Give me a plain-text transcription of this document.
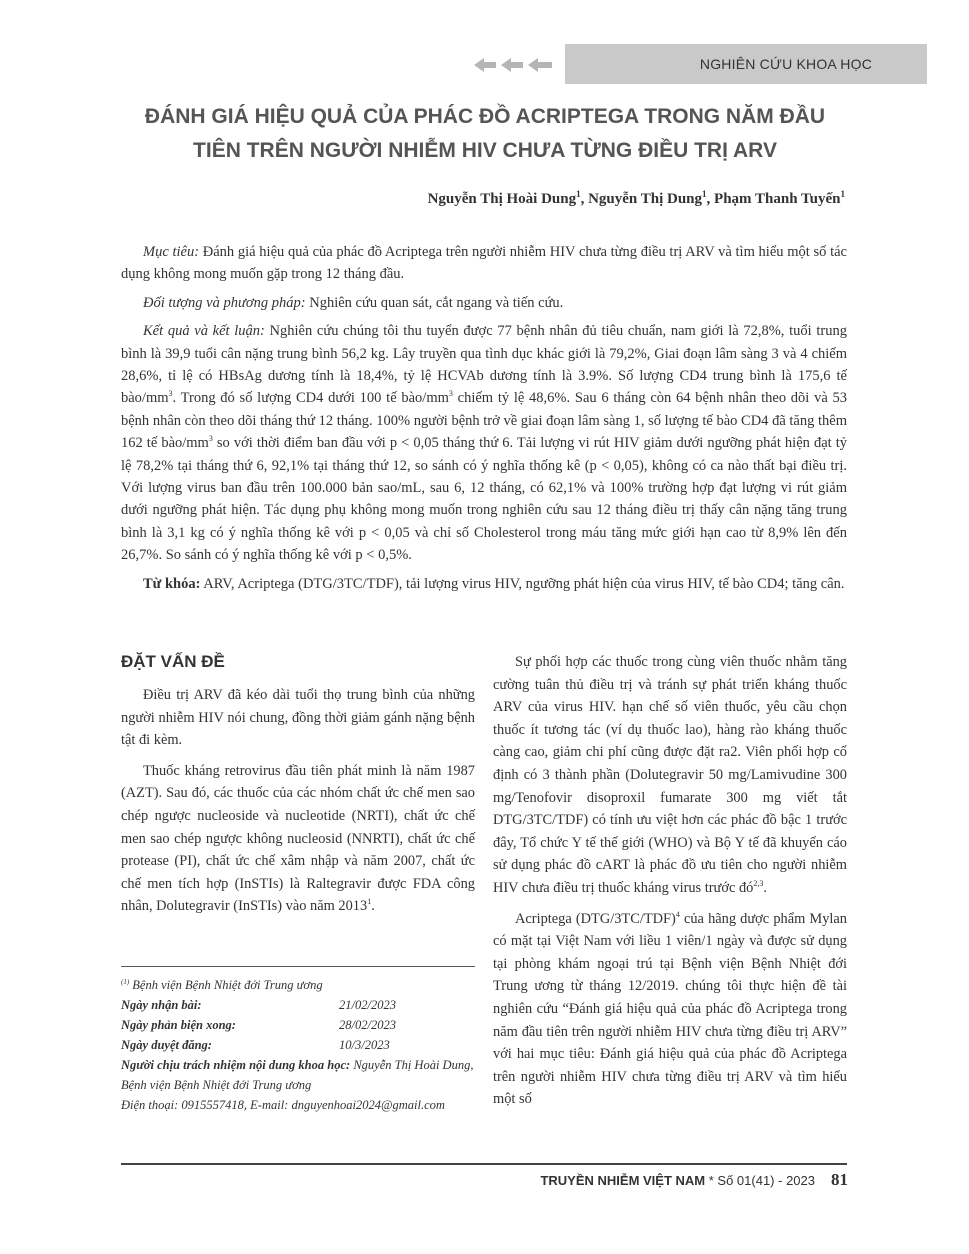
NGHIÊN CỨU KHOA HỌC
ĐÁNH GIÁ HIỆU QUẢ CỦA PHÁC ĐỒ ACRIPTEGA TRONG NĂM ĐẦU
TIÊN TRÊN NGƯỜI NHIỄM HIV CHƯA TỪNG ĐIỀU TRỊ ARV
Nguyễn Thị Hoài Dung$^1$, Nguyễn Thị Dung$^1$, Phạm Thanh Tuyến$^1$

Mục tiêu: Đánh giá hiệu quả của phác đồ Acriptega trên người nhiễm HIV chưa từng điều trị ARV và tìm hiểu một số tác dụng không mong muốn gặp trong 12 tháng đầu.

Đối tượng và phương pháp: Nghiên cứu quan sát, cắt ngang và tiến cứu.

Kết quả và kết luận: Nghiên cứu chúng tôi thu tuyển được 77 bệnh nhân đủ tiêu chuẩn, nam giới là 72,8%, tuổi trung bình là 39,9 tuổi cân nặng trung bình 56,2 kg. Lây truyền qua tình dục khác giới là 79,2%, Giai đoạn lâm sàng 3 và 4 chiếm 28,6%, tỉ lệ có HBsAg dương tính là 18,4%, tỷ lệ HCVAb dương tính là 3.9%. Số lượng CD4 trung bình là 175,6 tế bào/$mm^3$. Trong đó số lượng CD4 dưới 100 tế bào/$mm^3$ chiếm tỷ lệ 48,6%. Sau 6 tháng còn 64 bệnh nhân theo dõi và 53 bệnh nhân còn theo dõi tháng thứ 12 tháng. 100% người bệnh trở về giai đoạn lâm sàng 1, số lượng tế bào CD4 đã tăng thêm 162 tế bào/$mm^3$ so với thời điểm ban đầu với p < 0,05 tháng thứ 6. Tải lượng vi rút HIV giảm dưới ngưỡng phát hiện đạt tỷ lệ 78,2% tại tháng thứ 6, 92,1% tại tháng thứ 12, so sánh có ý nghĩa thống kê (p < 0,05), không có ca nào thất bại điều trị. Với lượng virus ban đầu trên 100.000 bản sao/mL, sau 6, 12 tháng, có 62,1% và 100% trường hợp đạt lượng vi rút giảm dưới ngưỡng phát hiện. Tác dụng phụ không mong muốn trong nghiên cứu sau 12 tháng điều trị thấy cân nặng tăng trung bình là 3,1 kg có ý nghĩa thống kê với p < 0,05 và chỉ số Cholesterol trong máu tăng mức giới hạn cao từ 8,9% lên đến 26,7%. So sánh có ý nghĩa thống kê với p < 0,5%.

Từ khóa: ARV, Acriptega (DTG/3TC/TDF), tải lượng virus HIV, ngưỡng phát hiện của virus HIV, tế bào CD4; tăng cân.

ĐẶT VẤN ĐỀ

Điều trị ARV đã kéo dài tuổi thọ trung bình của những người nhiễm HIV nói chung, đồng thời giảm gánh nặng bệnh tật đi kèm.

Thuốc kháng retrovirus đầu tiên phát minh là năm 1987 (AZT). Sau đó, các thuốc của các nhóm chất ức chế men sao chép ngược nucleoside và nucleotide (NRTI), chất ức chế men sao chép ngược không nucleosid (NNRTI), chất ức chế protease (PI), chất ức chế xâm nhập và năm 2007, chất ức chế men tích hợp (InSTIs) là Raltegravir được FDA công nhân, Dolutegravir (InSTIs) vào năm 2013$^1$.

$^{(1)}$ Bệnh viện Bệnh Nhiệt đới Trung ương
Ngày nhận bài:	21/02/2023
Ngày phản biện xong:	28/02/2023
Ngày duyệt đăng:	10/3/2023
Người chịu trách nhiệm nội dung khoa học: Nguyễn Thị Hoài Dung, Bệnh viện Bệnh Nhiệt đới Trung ương
Điện thoại: 0915557418, E-mail: dnguyenhoai2024@gmail.com

Sự phối hợp các thuốc trong cùng viên thuốc nhằm tăng cường tuân thủ điều trị và tránh sự phát triển kháng thuốc ARV của virus HIV. hạn chế số viên thuốc, yêu cầu chọn thuốc ít tương tác (ví dụ thuốc lao), hàng rào kháng thuốc càng cao, giảm chi phí cũng được đặt ra2. Viên phối hợp cố định có 3 thành phần (Dolutegravir 50 mg/Lamivudine 300 mg/Tenofovir disoproxil fumarate 300 mg viết tắt DTG/3TC/TDF) có tính ưu việt hơn các phác đồ bậc 1 trước đây, Tổ chức Y tế thế giới (WHO) và Bộ Y tế đã khuyến cáo sử dụng phác đồ cART là phác đồ ưu tiên cho người nhiễm HIV chưa điều trị thuốc kháng virus trước đó$^{2,3}$.

Acriptega $(DTG/3TC/TDF)^4$ của hãng dược phẩm Mylan có mặt tại Việt Nam với liều 1 viên/1 ngày và được sử dụng tại phòng khám ngoại trú tại Bệnh viện Bệnh Nhiệt đới Trung ương từ tháng 12/2019. chúng tôi thực hiện đề tài nghiên cứu “Đánh giá hiệu quả của phác đồ Acriptega trong năm đầu tiên trên người nhiễm HIV chưa từng điều trị ARV” với hai mục tiêu: Đánh giá hiệu quả của phác đồ Acriptega trên người nhiễm HIV chưa từng điều trị ARV và tìm hiểu một số

TRUYỀN NHIỄM VIỆT NAM * Số 01(41) - 2023 81
